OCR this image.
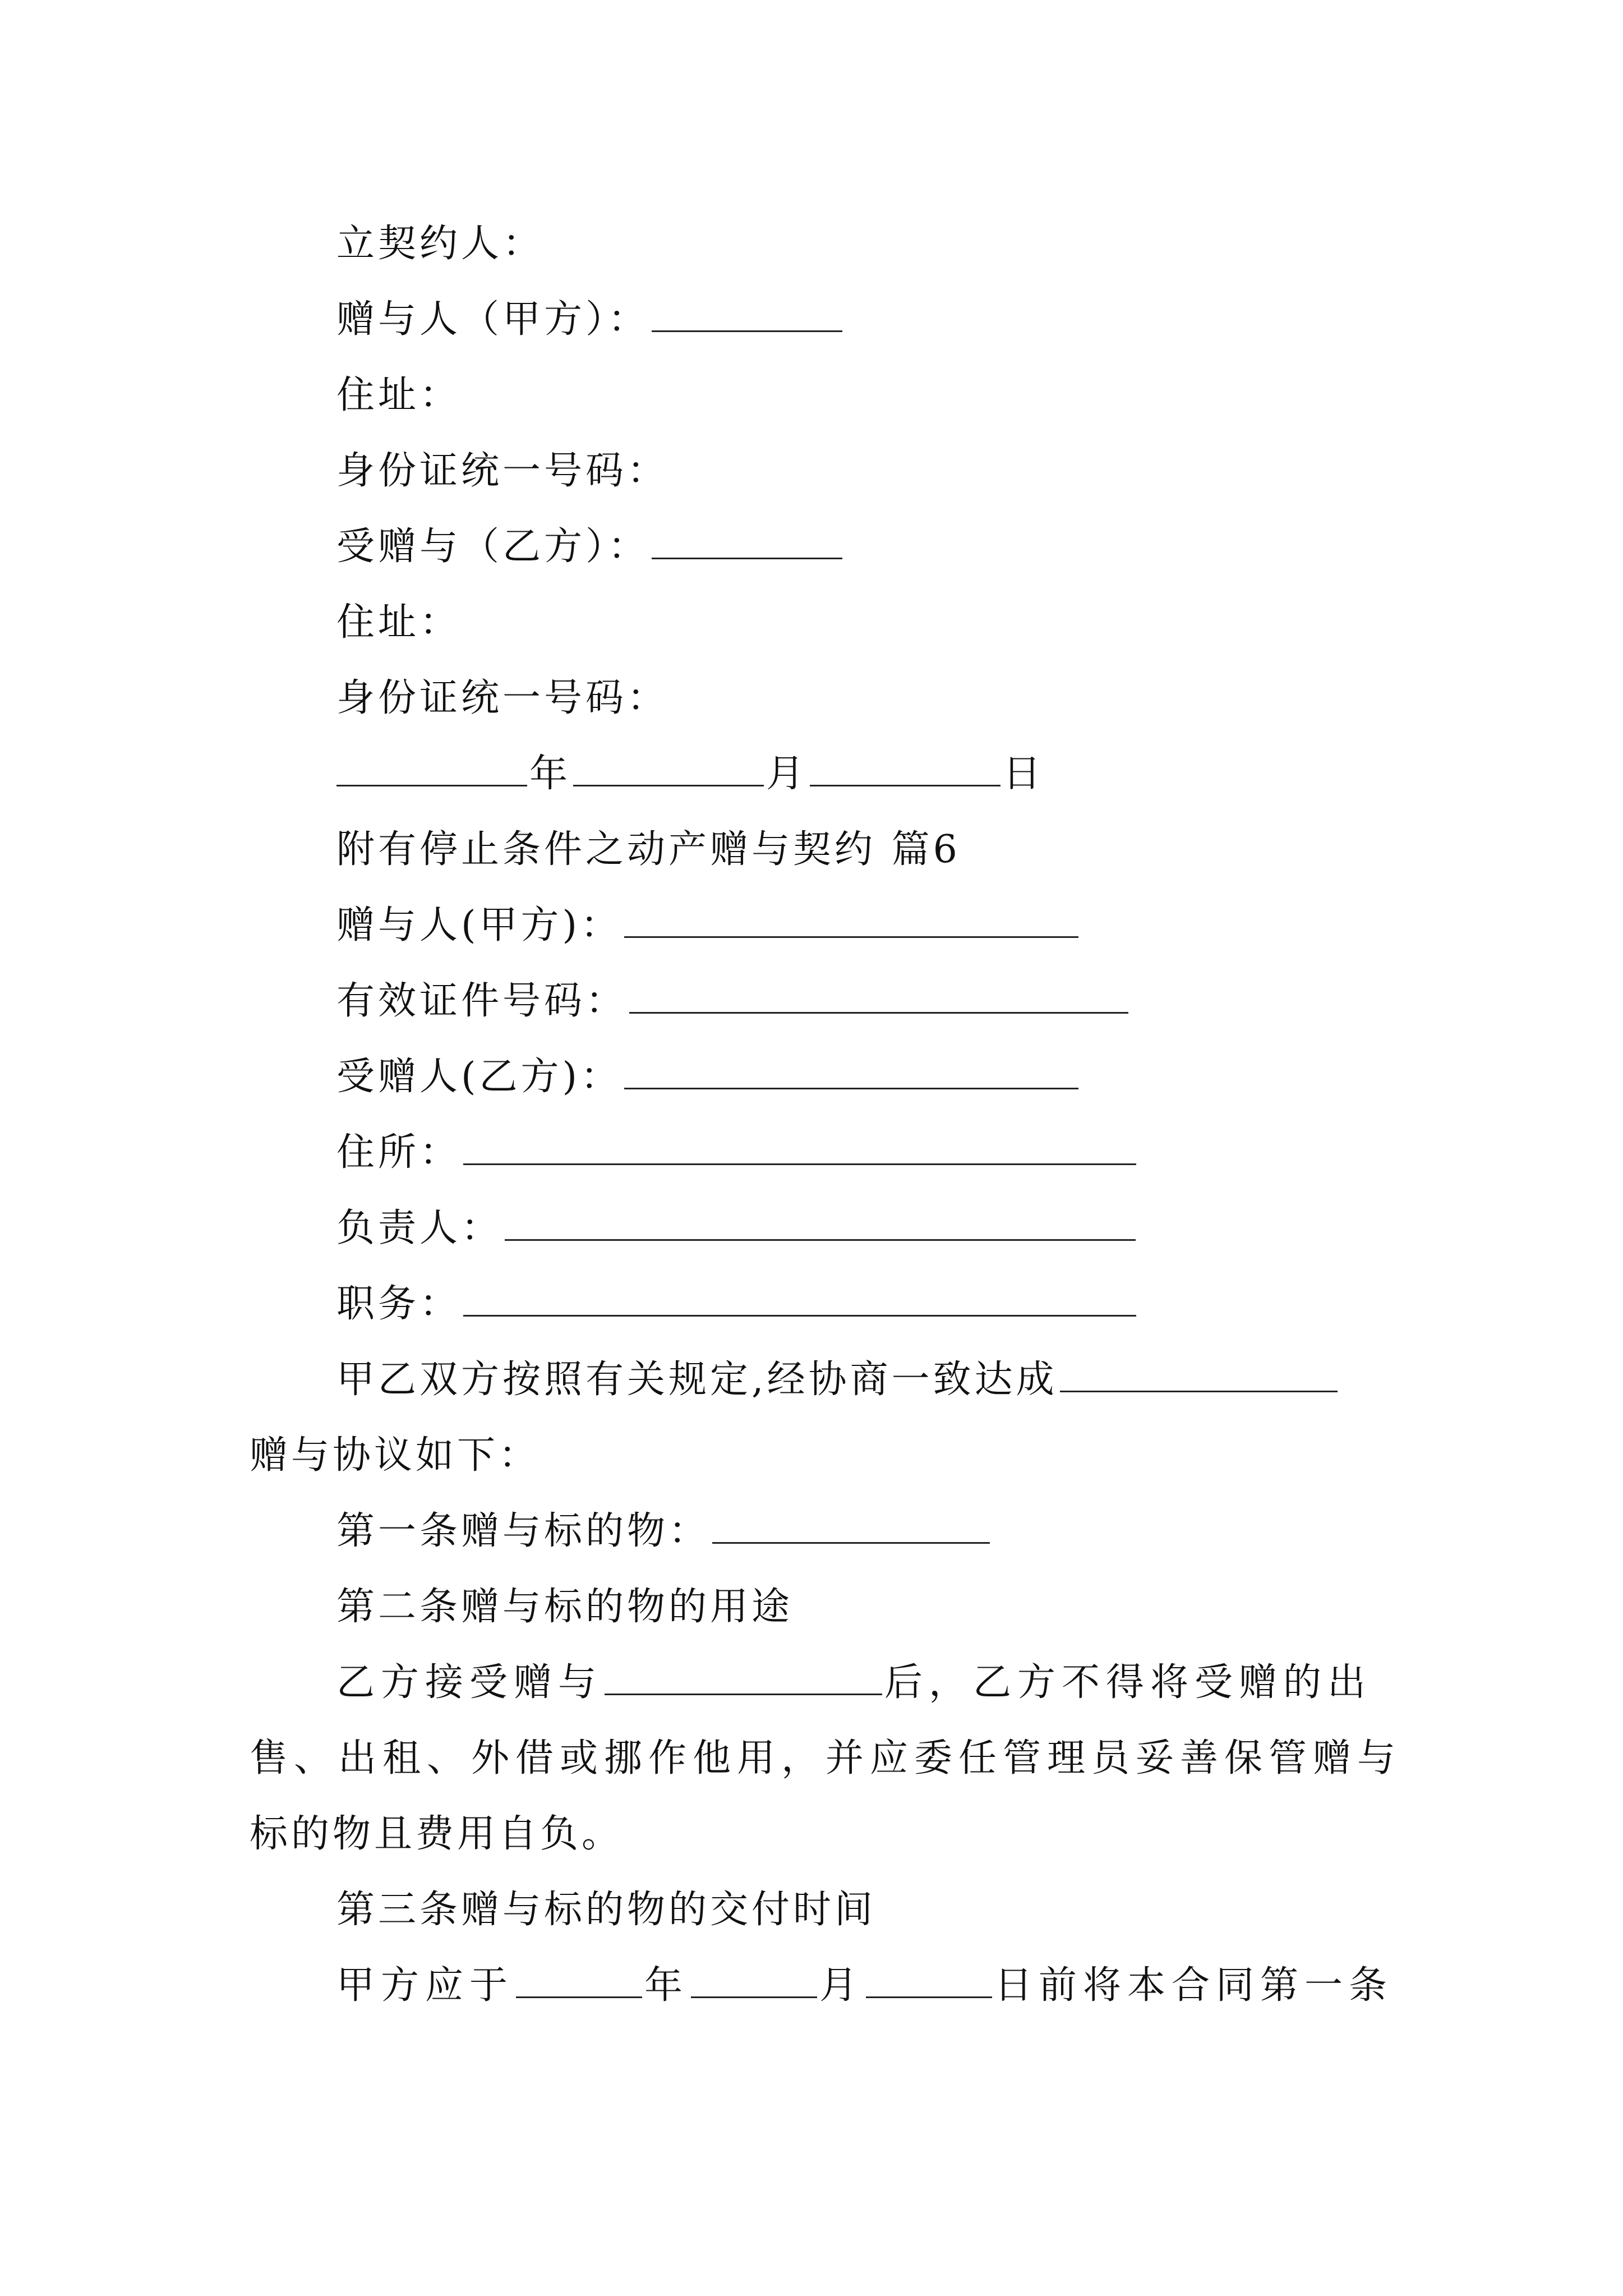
立契约人：
赠与人（甲方）：
住址：
身份证统一号码：
受赠与（乙方）：
住址：
身份证统一号码：
年	月	日
附有停止条件之动产赠与契约 篇6
赠与人(甲方)：
有效证件号码：
受赠人(乙方)：
住所：
负责人：
职务：
甲乙双方按照有关规定,经协商一致达成
赠与协议如下：
第一条赠与标的物：
第二条赠与标的物的用途
乙方接受赠与	后，乙方不得将受赠的出
售、出租、外借或挪作他用，并应委任管理员妥善保管赠与
标的物且费用自负。
第三条赠与标的物的交付时间
甲方应于	年	月	日前将本合同第一条
